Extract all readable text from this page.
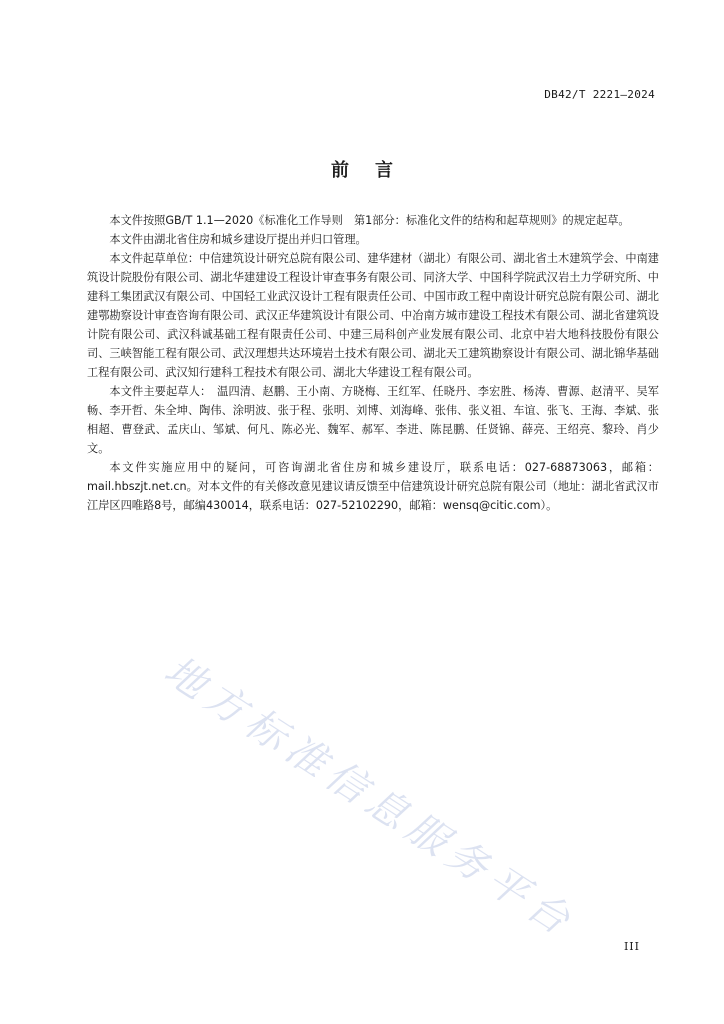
DB42/T 2221—2024
前言

本文件按照GB/T 1.1—2020《标准化工作导则　第1部分：标准化文件的结构和起草规则》的规定起草。

本文件由湖北省住房和城乡建设厅提出并归口管理。

本文件起草单位：中信建筑设计研究总院有限公司、建华建材（湖北）有限公司、湖北省土木建筑学会、中南建筑设计院股份有限公司、湖北华建建设工程设计审查事务有限公司、同济大学、中国科学院武汉岩土力学研究所、中建科工集团武汉有限公司、中国轻工业武汉设计工程有限责任公司、中国市政工程中南设计研究总院有限公司、湖北建鄂勘察设计审查咨询有限公司、武汉正华建筑设计有限公司、中冶南方城市建设工程技术有限公司、湖北省建筑设计院有限公司、武汉科诚基础工程有限责任公司、中建三局科创产业发展有限公司、北京中岩大地科技股份有限公司、三峡智能工程有限公司、武汉理想共达环境岩土技术有限公司、湖北天工建筑勘察设计有限公司、湖北锦华基础工程有限公司、武汉知行建科工程技术有限公司、湖北大华建设工程有限公司。

本文件主要起草人：　温四清、赵鹏、王小南、方晓梅、王红军、任晓丹、李宏胜、杨涛、曹源、赵清平、吴军畅、李开哲、朱全坤、陶伟、涂明波、张于程、张明、刘博、刘海峰、张伟、张义祖、车谊、张飞、王海、李斌、张相超、曹登武、孟庆山、邹斌、何凡、陈必光、魏军、郝军、李进、陈昆鹏、任贤锦、薛亮、王绍亮、黎玲、肖少文。

本文件实施应用中的疑问，可咨询湖北省住房和城乡建设厅，联系电话：027-68873063，邮箱：mail.hbszjt.net.cn。对本文件的有关修改意见建议请反馈至中信建筑设计研究总院有限公司（地址：湖北省武汉市江岸区四唯路8号，邮编430014，联系电话：027-52102290，邮箱：wensq@citic.com）。

地方标准信息服务平台	III
